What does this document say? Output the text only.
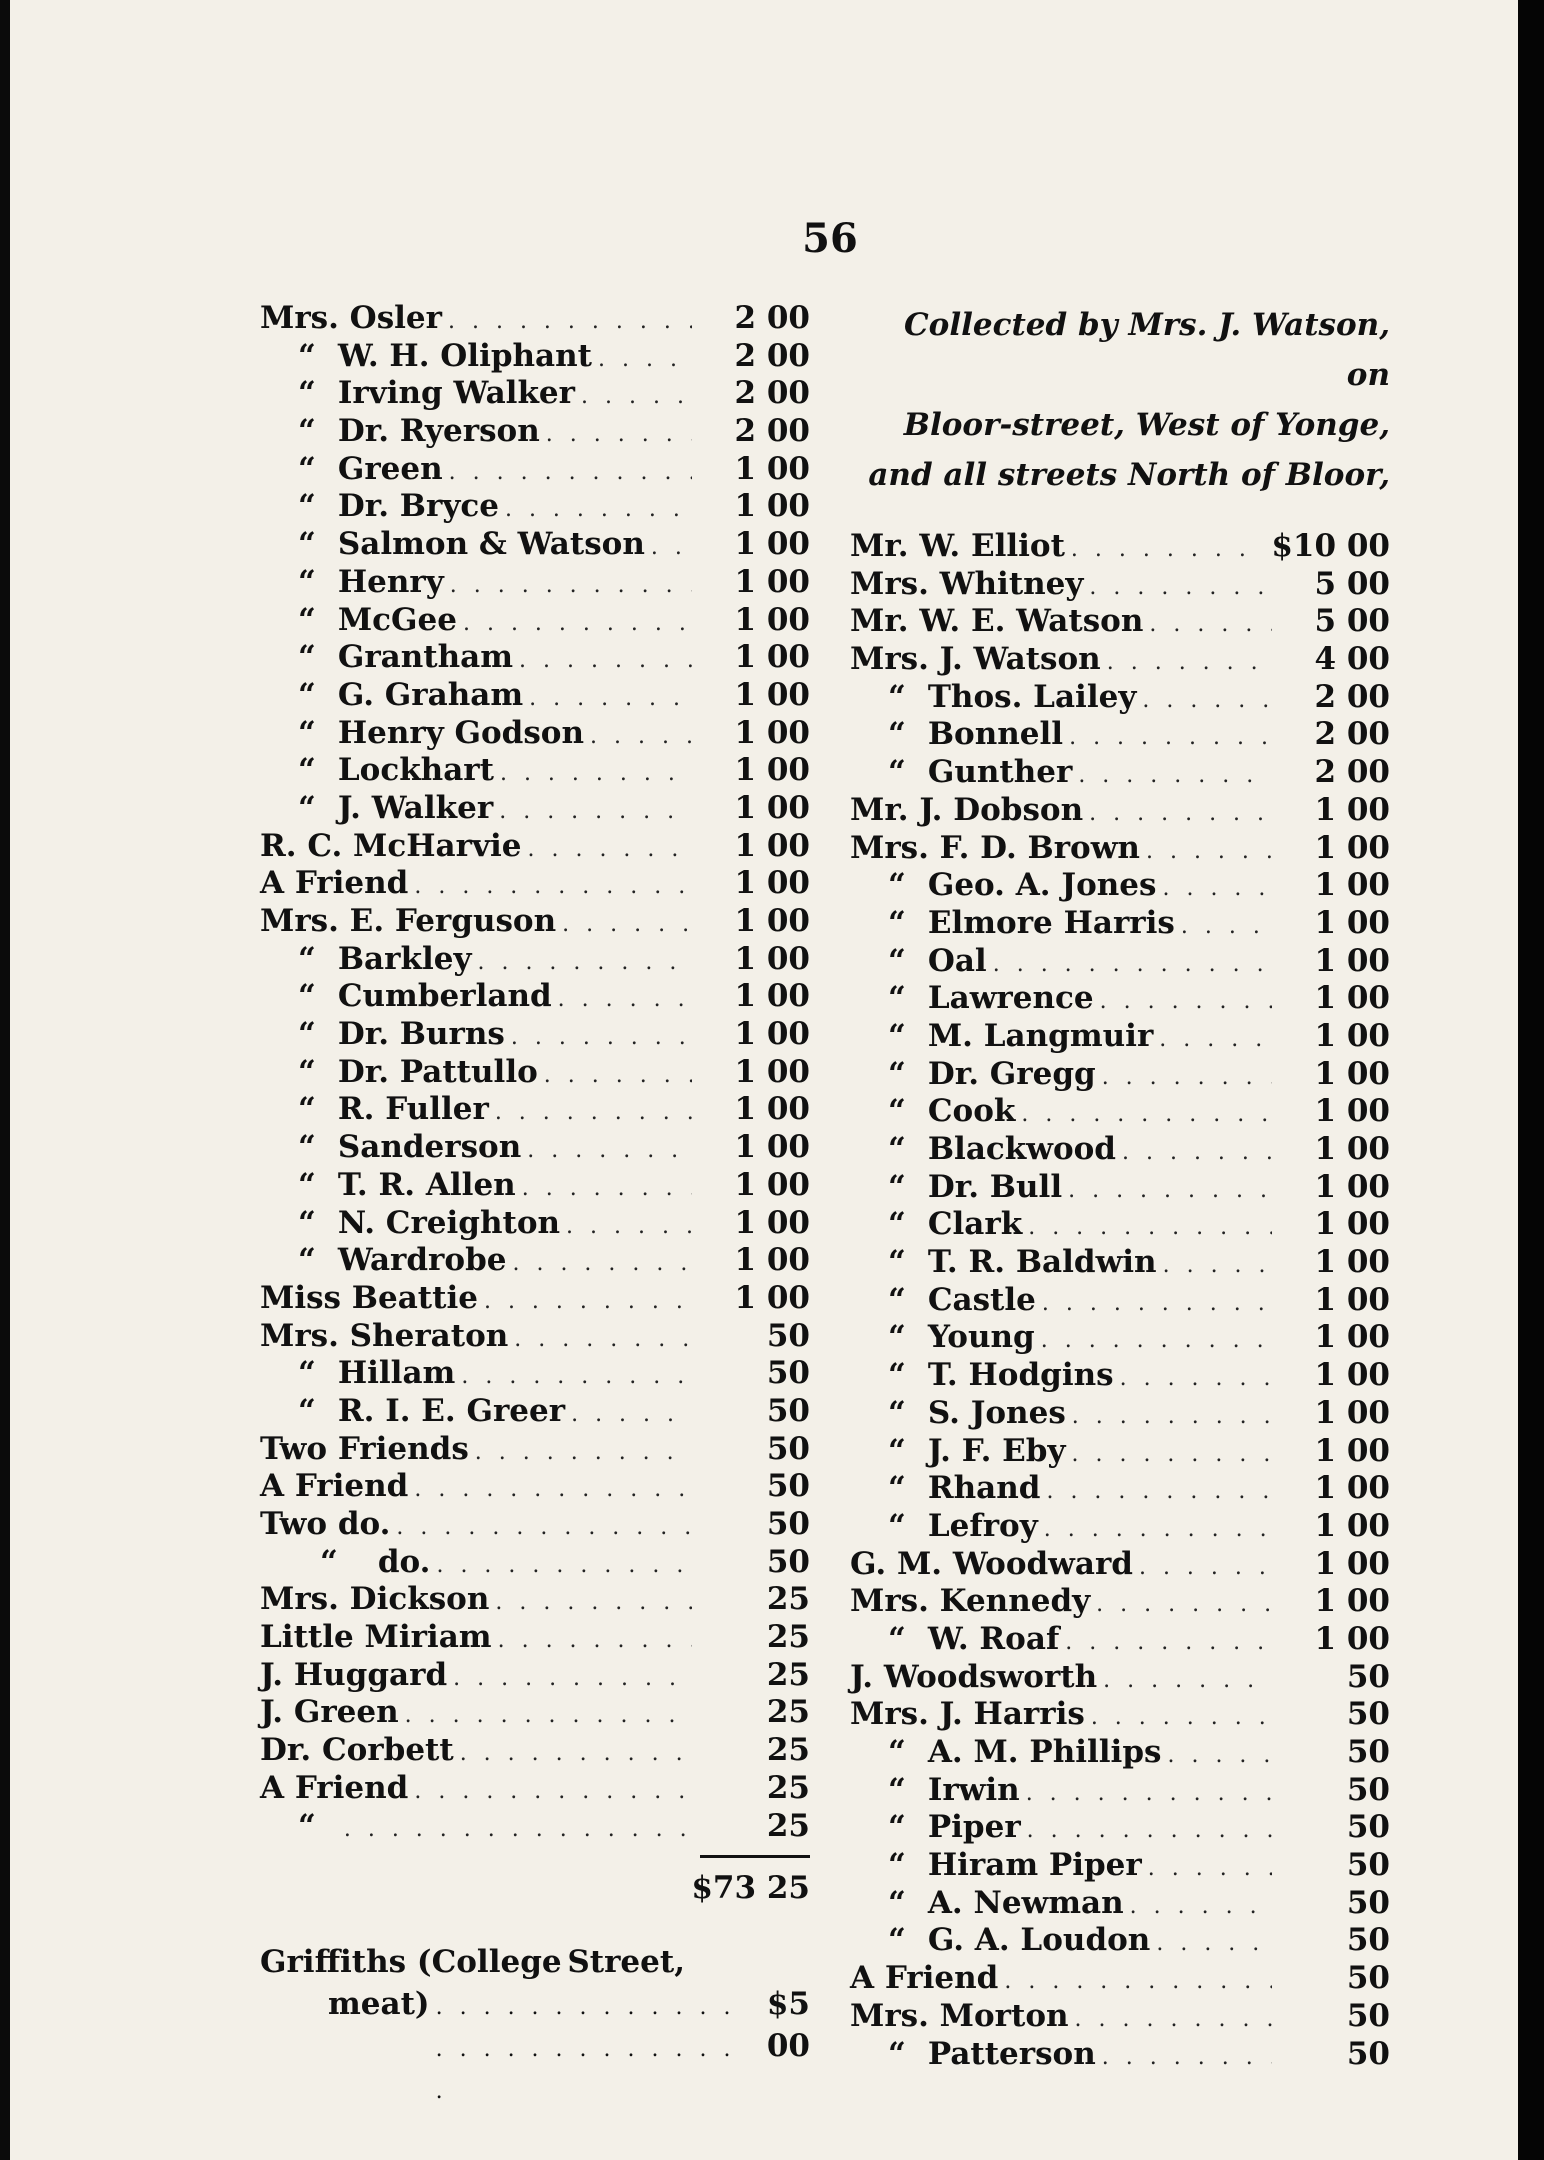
56
Mrs. Osler . . .	2 00
“ W. H. Oliphant . . .	2 00
“ Irving Walker . . .	2 00
“ Dr. Ryerson . . .	2 00
“ Green . . .	1 00
“ Dr. Bryce . . .	1 00
“ Salmon & Watson . . .	1 00
“ Henry . . .	1 00
“ McGee . . .	1 00
“ Grantham . . .	1 00
“ G. Graham . . .	1 00
“ Henry Godson . . .	1 00
“ Lockhart . . .	1 00
“ J. Walker . . .	1 00
R. C. McHarvie . . .	1 00
A Friend . . .	1 00
Mrs. E. Ferguson . . .	1 00
“ Barkley . . .	1 00
“ Cumberland . . .	1 00
“ Dr. Burns . . .	1 00
“ Dr. Pattullo . . .	1 00
“ R. Fuller . . .	1 00
“ Sanderson . . .	1 00
“ T. R. Allen . . .	1 00
“ N. Creighton . . .	1 00
“ Wardrobe . . .	1 00
Miss Beattie . . .	1 00
Mrs. Sheraton . . .	50
“ Hillam . . .	50
“ R. I. E. Greer . . .	50
Two Friends . . .	50
A Friend . . .	50
Two do. . . .	50
“ do. . . .	50
Mrs. Dickson . . .	25
Little Miriam . . .	25
J. Huggard . . .	25
J. Green . . .	25
Dr. Corbett . . .	25
A Friend . . .	25
“ . . .	25
$73 25
Griffiths (College Street,
meat) . . .	$5 00
Collected by Mrs. J. Watson, on
Bloor-street, West of Yonge,
and all streets North of Bloor,
Mr. W. Elliot . . .	$10 00
Mrs. Whitney . . .	5 00
Mr. W. E. Watson . . .	5 00
Mrs. J. Watson . . .	4 00
“ Thos. Lailey . . .	2 00
“ Bonnell . . .	2 00
“ Gunther . . .	2 00
Mr. J. Dobson . . .	1 00
Mrs. F. D. Brown . . .	1 00
“ Geo. A. Jones . . .	1 00
“ Elmore Harris . . .	1 00
“ Oal . . .	1 00
“ Lawrence . . .	1 00
“ M. Langmuir . . .	1 00
“ Dr. Gregg . . .	1 00
“ Cook . . .	1 00
“ Blackwood . . .	1 00
“ Dr. Bull . . .	1 00
“ Clark . . .	1 00
“ T. R. Baldwin . . .	1 00
“ Castle . . .	1 00
“ Young . . .	1 00
“ T. Hodgins . . .	1 00
“ S. Jones . . .	1 00
“ J. F. Eby . . .	1 00
“ Rhand . . .	1 00
“ Lefroy . . .	1 00
G. M. Woodward . . .	1 00
Mrs. Kennedy . . .	1 00
“ W. Roaf . . .	1 00
J. Woodsworth . . .	50
Mrs. J. Harris . . .	50
“ A. M. Phillips . . .	50
“ Irwin . . .	50
“ Piper . . .	50
“ Hiram Piper . . .	50
“ A. Newman . . .	50
“ G. A. Loudon . . .	50
A Friend . . .	50
Mrs. Morton . . .	50
“ Patterson . . .	50
